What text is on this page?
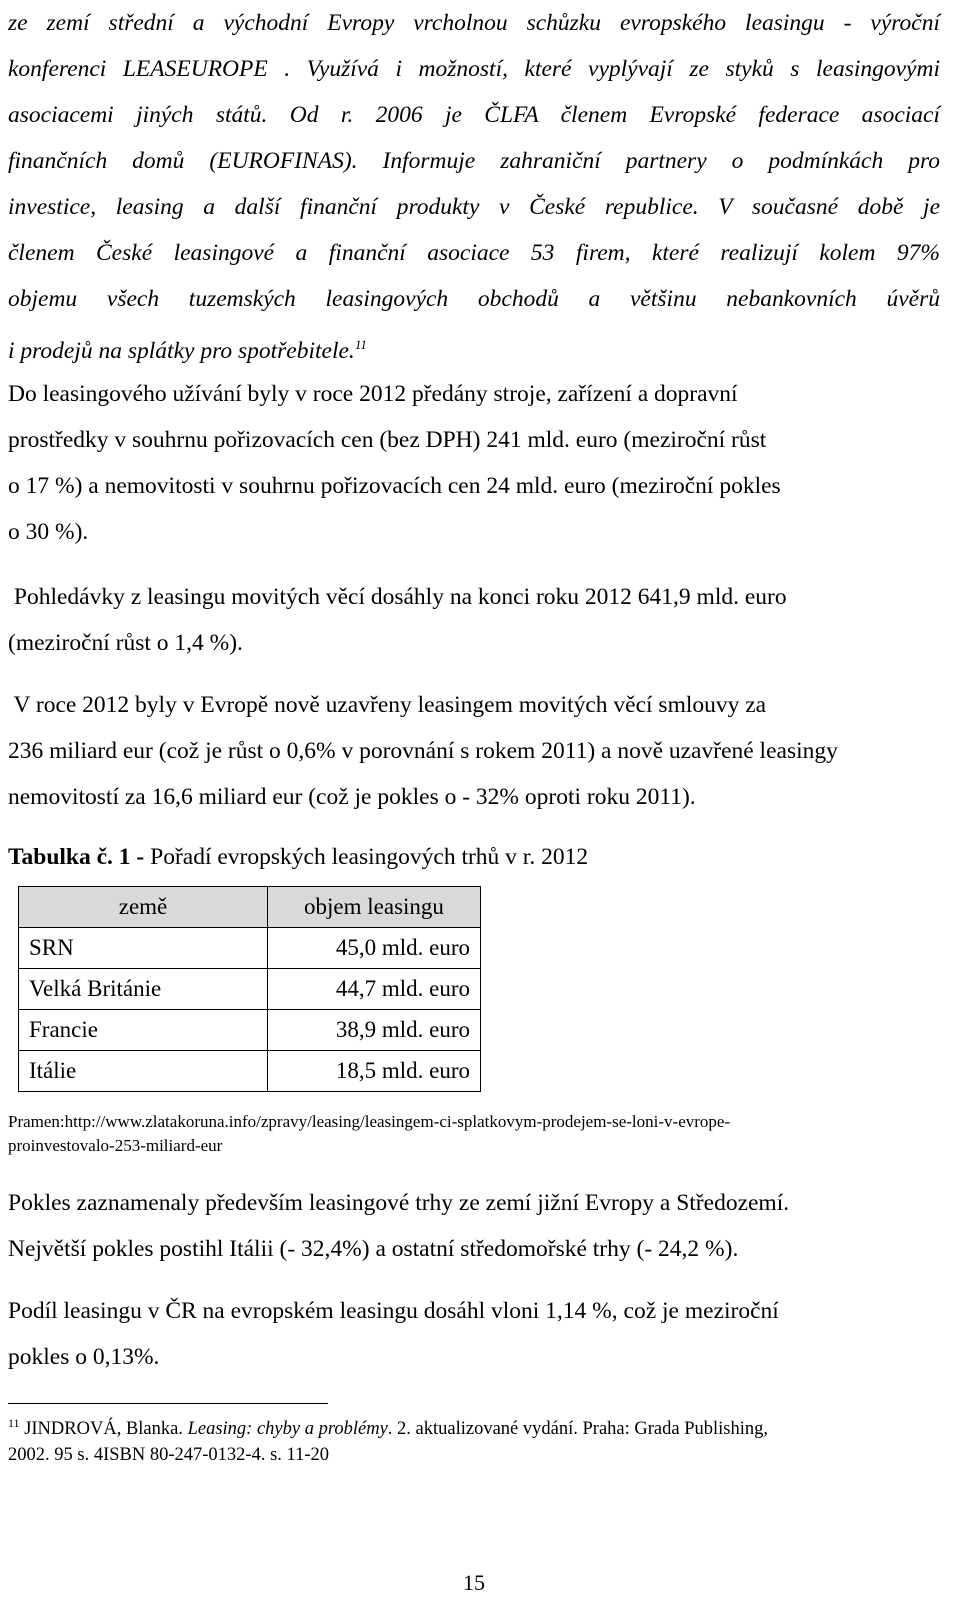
ze zemí střední a východní Evropy vrcholnou schůzku evropského leasingu - výroční
konferenci LEASEUROPE . Využívá i možností, které vyplývají ze styků s leasingovými
asociacemi jiných států. Od r. 2006 je ČLFA členem Evropské federace asociací
finančních domů (EUROFINAS). Informuje zahraniční partnery o podmínkách pro
investice, leasing a další finanční produkty v České republice. V současné době je
členem České leasingové a finanční asociace 53 firem, které realizují kolem 97%
objemu všech tuzemských leasingových obchodů a většinu nebankovních úvěrů
i prodejů na splátky pro spotřebitele.$^{11}$
Do leasingového užívání byly v roce 2012 předány stroje, zařízení a dopravní
prostředky v souhrnu pořizovacích cen (bez DPH) 241 mld. euro (meziroční růst
o 17 %) a nemovitosti v souhrnu pořizovacích cen 24 mld. euro (meziroční pokles
o 30 %).
Pohledávky z leasingu movitých věcí dosáhly na konci roku 2012 641,9 mld. euro
(meziroční růst o 1,4 %).
V roce 2012 byly v Evropě nově uzavřeny leasingem movitých věcí smlouvy za
236 miliard eur (což je růst o 0,6% v porovnání s rokem 2011) a nově uzavřené leasingy
nemovitostí za 16,6 miliard eur (což je pokles o - 32% oproti roku 2011).
Tabulka č. 1 - Pořadí evropských leasingových trhů v r. 2012
země	objem leasingu
SRN	45,0 mld. euro
Velká Británie	44,7 mld. euro
Francie	38,9 mld. euro
Itálie	18,5 mld. euro
Pramen:http://www.zlatakoruna.info/zpravy/leasing/leasingem-ci-splatkovym-prodejem-se-loni-v-evrope-
proinvestovalo-253-miliard-eur
Pokles zaznamenaly především leasingové trhy ze zemí jižní Evropy a Středozemí.
Největší pokles postihl Itálii (- 32,4%) a ostatní středomořské trhy (- 24,2 %).
Podíl leasingu v ČR na evropském leasingu dosáhl vloni 1,14 %, což je meziroční
pokles o 0,13%.
$^{11}$ JINDROVÁ, Blanka. Leasing: chyby a problémy. 2. aktualizované vydání. Praha: Grada Publishing,
2002. 95 s. 4ISBN 80-247-0132-4. s. 11-20
15
